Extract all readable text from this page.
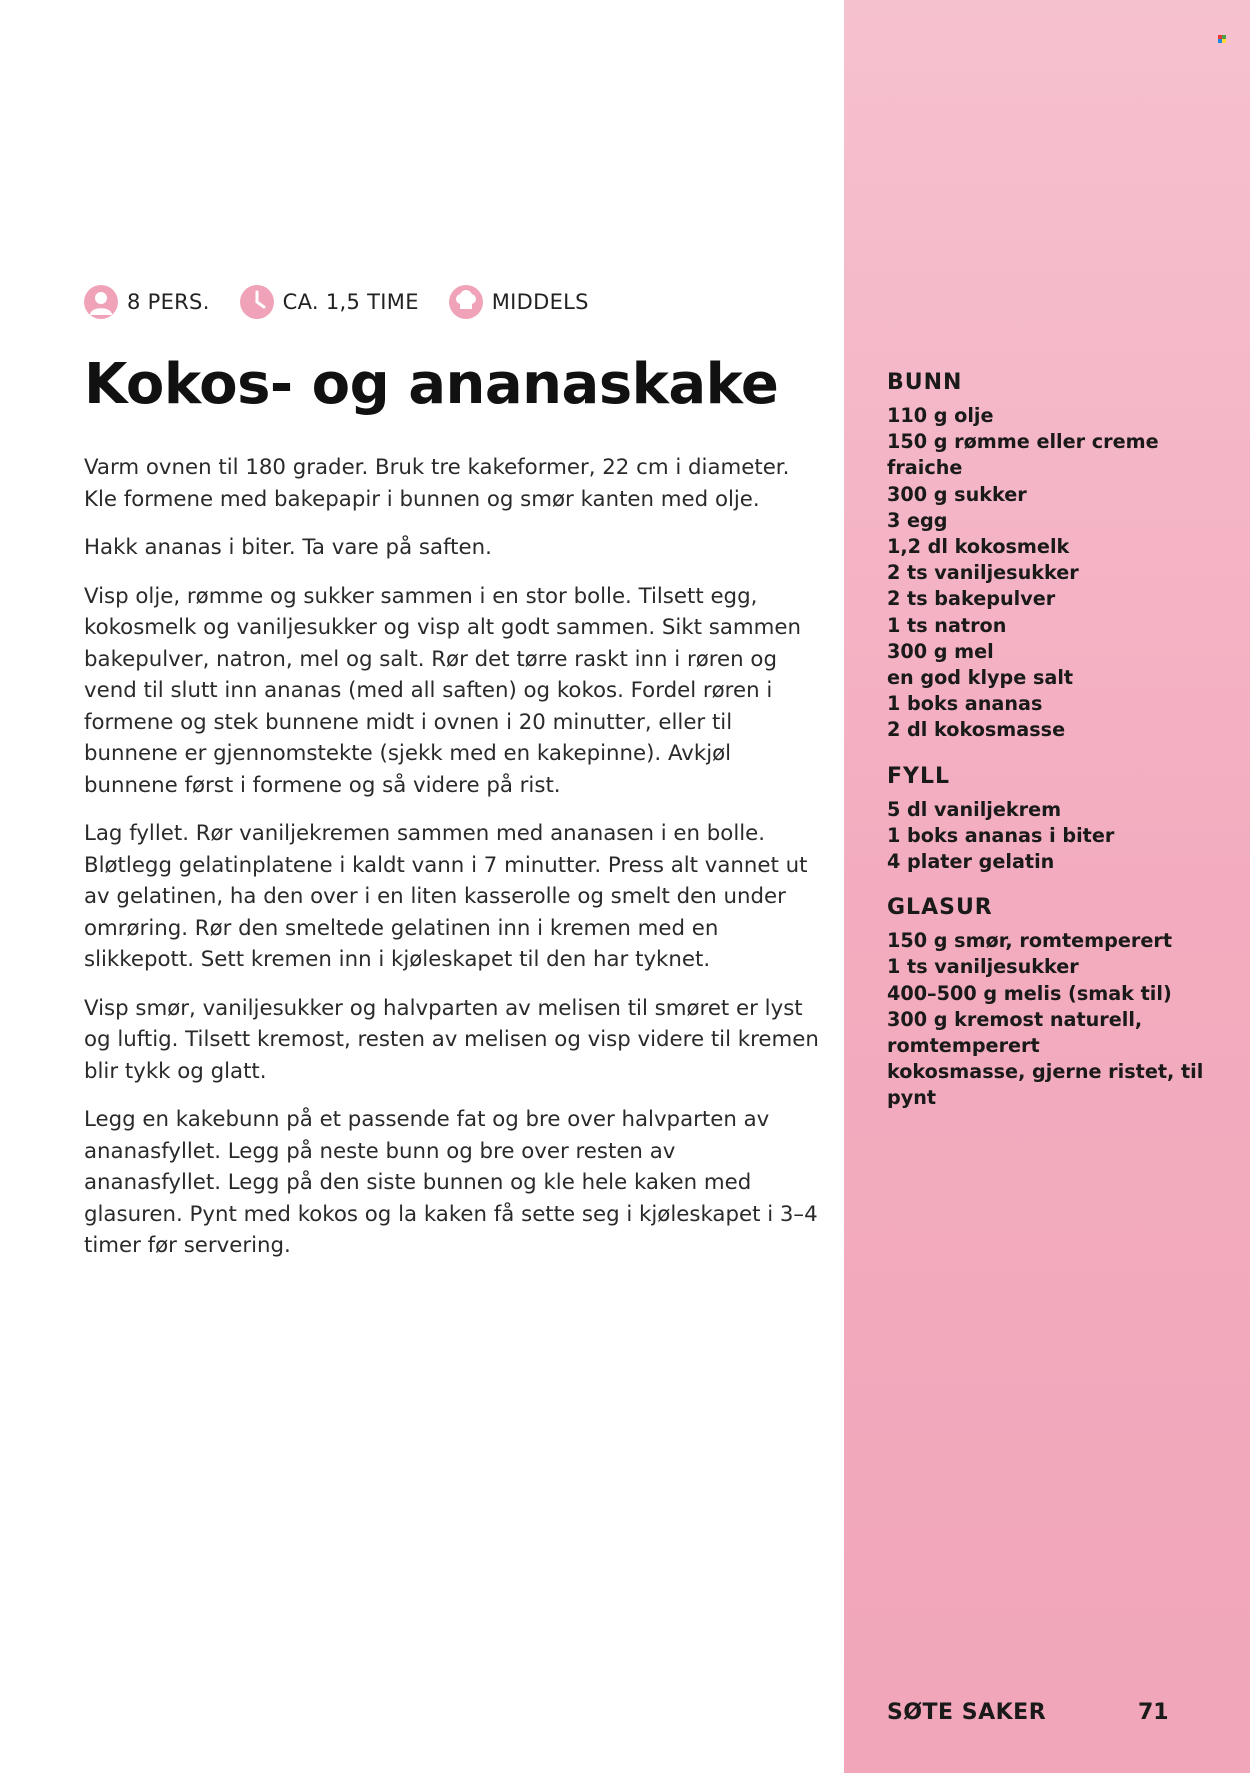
8 PERS.	CA. 1,5 TIME	MIDDELS
Kokos- og ananaskake

Varm ovnen til 180 grader. Bruk tre kakeformer, 22 cm i diameter. Kle formene med bakepapir i bunnen og smør kanten med olje.

Hakk ananas i biter. Ta vare på saften.

Visp olje, rømme og sukker sammen i en stor bolle. Tilsett egg, kokosmelk og vaniljesukker og visp alt godt sammen. Sikt sammen bakepulver, natron, mel og salt. Rør det tørre raskt inn i røren og vend til slutt inn ananas (med all saften) og kokos. Fordel røren i formene og stek bunnene midt i ovnen i 20 minutter, eller til bunnene er gjennomstekte (sjekk med en kakepinne). Avkjøl bunnene først i formene og så videre på rist.

Lag fyllet. Rør vaniljekremen sammen med ananasen i en bolle. Bløtlegg gelatinplatene i kaldt vann i 7 minutter. Press alt vannet ut av gelatinen, ha den over i en liten kasserolle og smelt den under omrøring. Rør den smeltede gelatinen inn i kremen med en slikkepott. Sett kremen inn i kjøleskapet til den har tyknet.

Visp smør, vaniljesukker og halvparten av melisen til smøret er lyst og luftig. Tilsett kremost, resten av melisen og visp videre til kremen blir tykk og glatt.

Legg en kakebunn på et passende fat og bre over halvparten av ananasfyllet. Legg på neste bunn og bre over resten av ananasfyllet. Legg på den siste bunnen og kle hele kaken med glasuren. Pynt med kokos og la kaken få sette seg i kjøleskapet i 3–4 timer før servering.

BUNN
110 g olje
150 g rømme eller creme fraiche
300 g sukker
3 egg
1,2 dl kokosmelk
2 ts vaniljesukker
2 ts bakepulver
1 ts natron
300 g mel
en god klype salt
1 boks ananas
2 dl kokosmasse
FYLL
5 dl vaniljekrem
1 boks ananas i biter
4 plater gelatin
GLASUR
150 g smør, romtemperert
1 ts vaniljesukker
400–500 g melis (smak til)
300 g kremost naturell, romtemperert
kokosmasse, gjerne ristet, til pynt
SØTE SAKER	71
